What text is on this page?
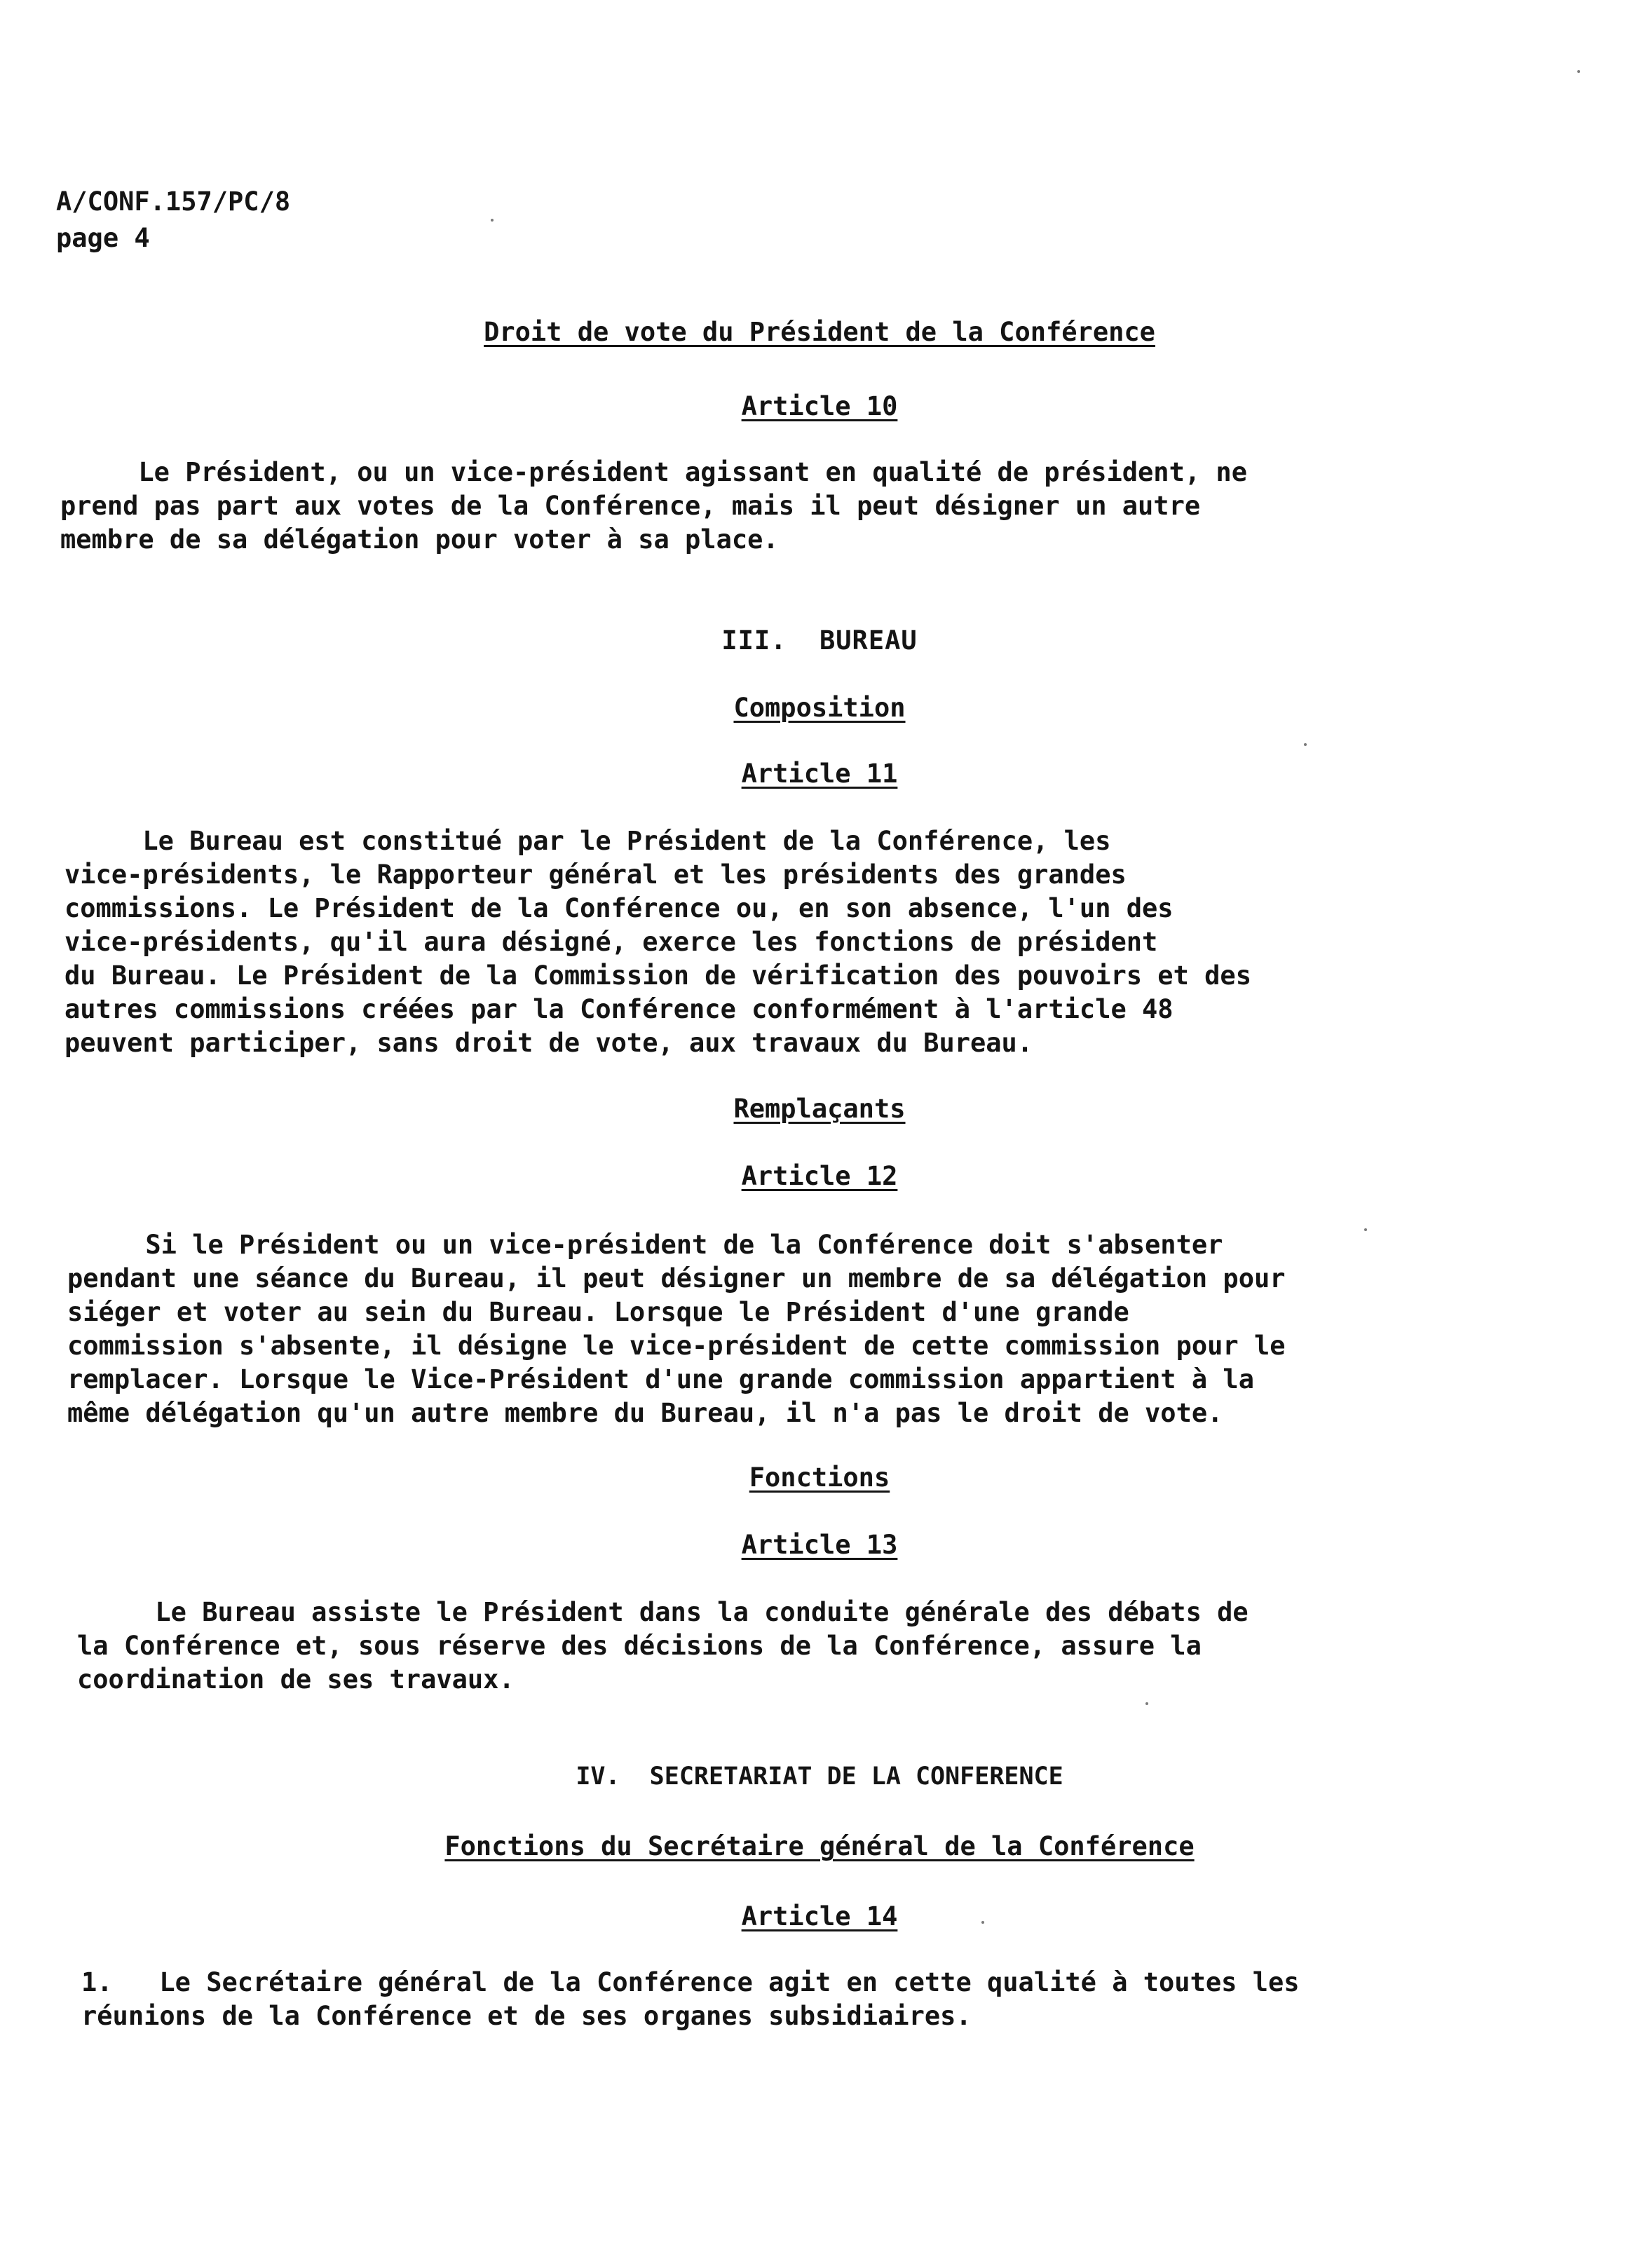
A/CONF.157/PC/8
page 4
Droit de vote du Président de la Conférence
Article 10
Le Président, ou un vice-président agissant en qualité de président, ne
prend pas part aux votes de la Conférence, mais il peut désigner un autre
membre de sa délégation pour voter à sa place.
III.  BUREAU
Composition
Article 11
Le Bureau est constitué par le Président de la Conférence, les
vice-présidents, le Rapporteur général et les présidents des grandes
commissions. Le Président de la Conférence ou, en son absence, l'un des
vice-présidents, qu'il aura désigné, exerce les fonctions de président
du Bureau. Le Président de la Commission de vérification des pouvoirs et des
autres commissions créées par la Conférence conformément à l'article 48
peuvent participer, sans droit de vote, aux travaux du Bureau.
Remplaçants
Article 12
Si le Président ou un vice-président de la Conférence doit s'absenter
pendant une séance du Bureau, il peut désigner un membre de sa délégation pour
siéger et voter au sein du Bureau. Lorsque le Président d'une grande
commission s'absente, il désigne le vice-président de cette commission pour le
remplacer. Lorsque le Vice-Président d'une grande commission appartient à la
même délégation qu'un autre membre du Bureau, il n'a pas le droit de vote.
Fonctions
Article 13
Le Bureau assiste le Président dans la conduite générale des débats de
la Conférence et, sous réserve des décisions de la Conférence, assure la
coordination de ses travaux.
IV.  SECRETARIAT DE LA CONFERENCE
Fonctions du Secrétaire général de la Conférence
Article 14
1.   Le Secrétaire général de la Conférence agit en cette qualité à toutes les
réunions de la Conférence et de ses organes subsidiaires.
